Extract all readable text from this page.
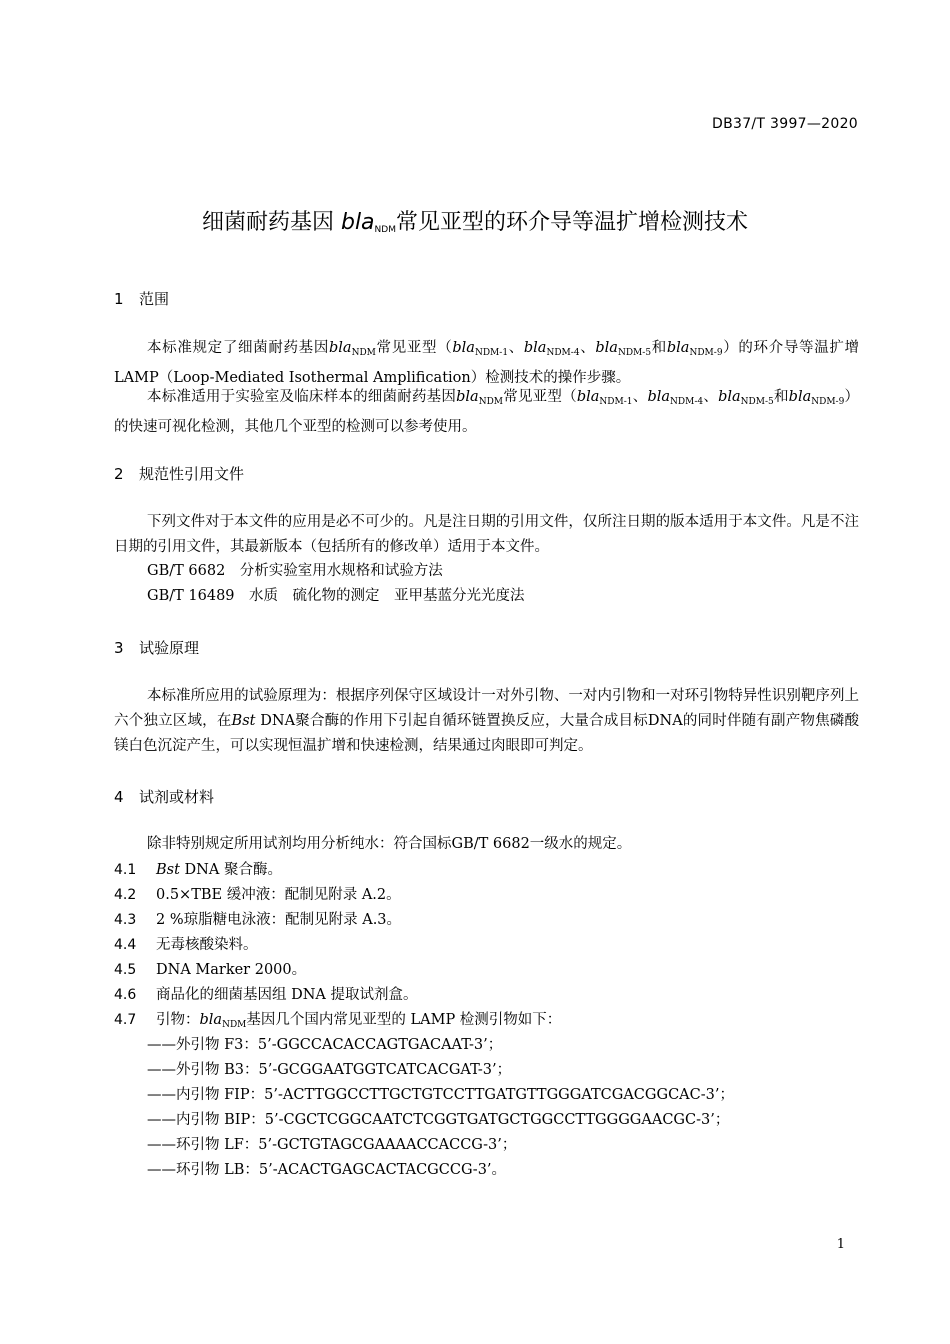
DB37/T 3997—2020
细菌耐药基因 bla$_{NDM}$常见亚型的环介导等温扩增检测技术
1 范围
本标准规定了细菌耐药基因bla$_{NDM}$常见亚型（bla$_{NDM-1}$、bla$_{NDM-4}$、bla$_{NDM-5}$和bla$_{NDM-9}$）的环介导等温扩增LAMP（Loop-Mediated Isothermal Amplification）检测技术的操作步骤。
本标准适用于实验室及临床样本的细菌耐药基因bla$_{NDM}$常见亚型（bla$_{NDM-1}$、bla$_{NDM-4}$、bla$_{NDM-5}$和bla$_{NDM-9}$）的快速可视化检测，其他几个亚型的检测可以参考使用。
2 规范性引用文件
下列文件对于本文件的应用是必不可少的。凡是注日期的引用文件，仅所注日期的版本适用于本文件。凡是不注日期的引用文件，其最新版本（包括所有的修改单）适用于本文件。
GB/T 6682　分析实验室用水规格和试验方法
GB/T 16489　水质　硫化物的测定　亚甲基蓝分光光度法
3 试验原理
本标准所应用的试验原理为：根据序列保守区域设计一对外引物、一对内引物和一对环引物特异性识别靶序列上六个独立区域，在Bst DNA聚合酶的作用下引起自循环链置换反应，大量合成目标DNA的同时伴随有副产物焦磷酸镁白色沉淀产生，可以实现恒温扩增和快速检测，结果通过肉眼即可判定。
4 试剂或材料
除非特别规定所用试剂均用分析纯水：符合国标GB/T 6682一级水的规定。
4.1 Bst DNA 聚合酶。
4.2 0.5×TBE 缓冲液：配制见附录 A.2。
4.3 2 %琼脂糖电泳液：配制见附录 A.3。
4.4 无毒核酸染料。
4.5 DNA Marker 2000。
4.6 商品化的细菌基因组 DNA 提取试剂盒。
4.7 引物：bla$_{NDM}$基因几个国内常见亚型的 LAMP 检测引物如下：
——外引物 F3：5’-GGCCACACCAGTGACAAT-3’；
——外引物 B3：5’-GCGGAATGGTCATCACGAT-3’；
——内引物 FIP：5’-ACTTGGCCTTGCTGTCCTTGATGTTGGGATCGACGGCAC-3’；
——内引物 BIP：5’-CGCTCGGCAATCTCGGTGATGCTGGCCTTGGGGAACGC-3’；
——环引物 LF：5’-GCTGTAGCGAAAACCACCG-3’；
——环引物 LB：5’-ACACTGAGCACTACGCCG-3’。
1
